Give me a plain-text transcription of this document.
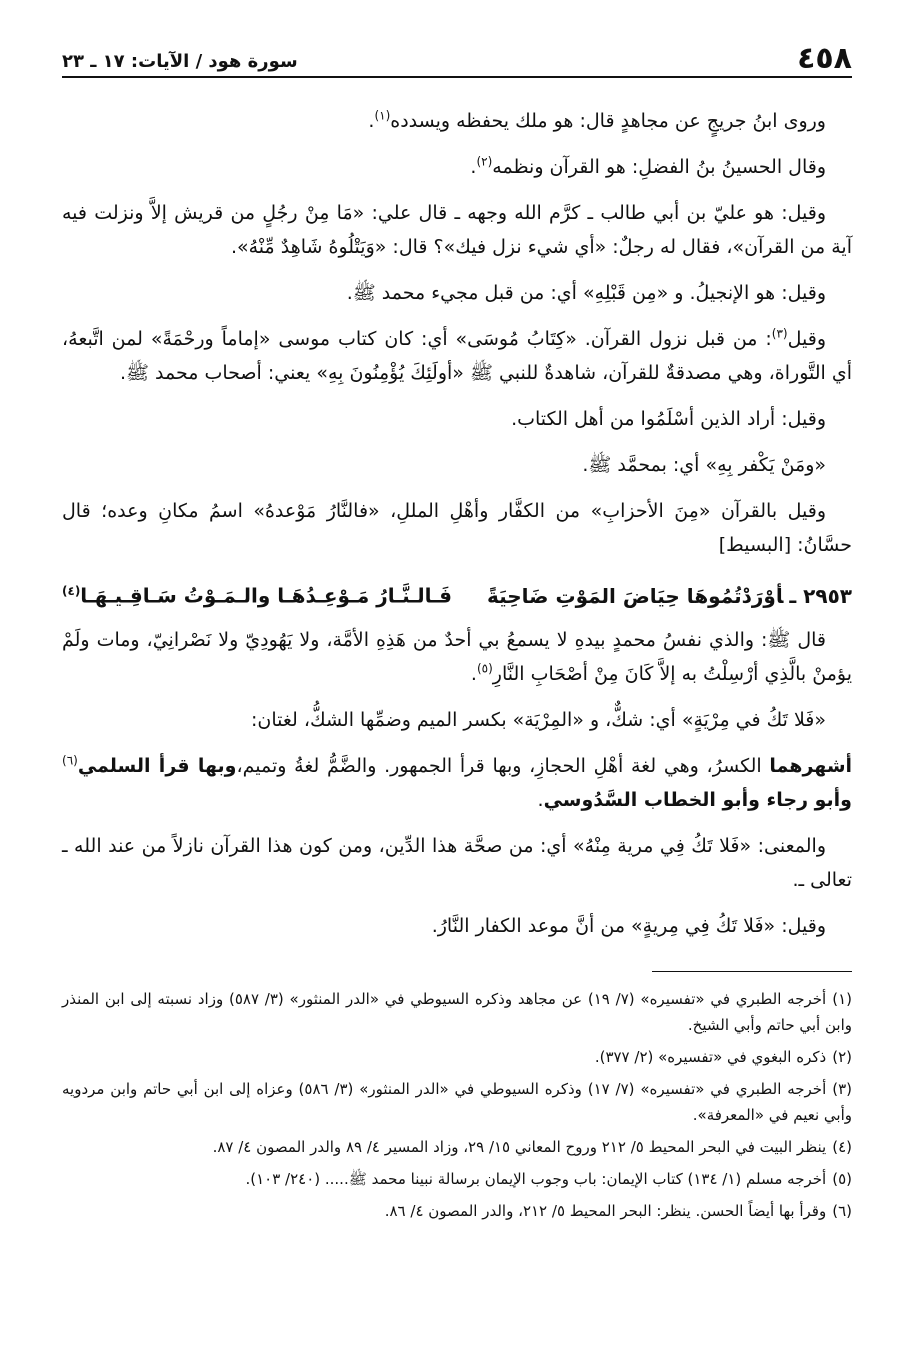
٤٥٨
سورة هود / الآيات: ١٧ ـ ٢٣

وروى ابنُ جريجٍ عن مجاهدٍ قال: هو ملك يحفظه ويسدده$^{(١)}$.

وقال الحسينُ بنُ الفضلِ: هو القرآن ونظمه$^{(٢)}$.

وقيل: هو عليّ بن أبي طالب ـ كرَّم الله وجهه ـ قال علي: «مَا مِنْ رجُلٍ من قريش إلاَّ ونزلت فيه آية من القرآن»، فقال له رجلٌ: «أي شيء نزل فيك»؟ قال: «وَيَتْلُوهُ شَاهِدٌ مِّنْهُ».

وقيل: هو الإنجيلُ. و «مِن قَبْلِهِ» أي: من قبل مجيء محمد ﷺ.

وقيل$^{(٣)}$: من قبل نزول القرآن. «كِتَابُ مُوسَى» أي: كان كتاب موسى «إماماً ورحْمَةً» لمن اتَّبعهُ، أي التَّوراة، وهي مصدقةٌ للقرآن، شاهدةٌ للنبي ﷺ «أولَئِكَ يُؤْمِنُونَ بِهِ» يعني: أصحاب محمد ﷺ.

وقيل: أراد الذين أسْلَمُوا من أهل الكتاب.

«ومَنْ يَكْفر بِهِ» أي: بمحمَّد ﷺ.

وقيل بالقرآن «مِنَ الأحزابِ» من الكفَّار وأهْلِ المللِ، «فالنَّارُ مَوْعدهُ» اسمُ مكانِ وعده؛ قال حسَّانُ: [البسيط]

٢٩٥٣ ـأوْرَدْتُمُوهَا حِيَاضَ المَوْتِ ضَاحِيَةً
فَـالـنَّـارُ مَـوْعِـدُهَـا والـمَـوْتُ سَـاقِـيـهَـا$^{(٤)}$

قال ﷺ: والذي نفسُ محمدٍ بيدهِ لا يسمعُ بي أحدٌ من هَذِهِ الأمَّة، ولا يَهُودِيّ ولا نَصْرانِيّ، ومات ولَمْ يؤمنْ بالَّذِي أرْسِلْتُ به إلاَّ كَانَ مِنْ أصْحَابِ النَّارِ$^{(٥)}$.

«فَلا تَكُ في مِرْيَةٍ» أي: شكٌّ، و «المِرْيَة» بكسر الميم وضمِّها الشكُّ، لغتان:

أشهرهما الكسرُ، وهي لغة أهْلِ الحجازِ، وبها قرأ الجمهور. والضَّمُّ لغةُ وتميم،وبها قرأ السلمي$^{(٦)}$ وأبو رجاء وأبو الخطاب السَّدُوسي.

والمعنى: «فَلا تَكُ فِي مرية مِنْهُ» أي: من صحَّة هذا الدِّين، ومن كون هذا القرآن نازلاً من عند الله ـ تعالى ـ.

وقيل: «فَلا تَكُ فِي مِريةٍ» من أنَّ موعد الكفار النَّارُ.

(١)أخرجه الطبري في «تفسيره» (٧/ ١٩) عن مجاهد وذكره السيوطي في «الدر المنثور» (٣/ ٥٨٧) وزاد نسبته إلى ابن المنذر وابن أبي حاتم وأبي الشيخ.

(٢)ذكره البغوي في «تفسيره» (٢/ ٣٧٧).

(٣)أخرجه الطبري في «تفسيره» (٧/ ١٧) وذكره السيوطي في «الدر المنثور» (٣/ ٥٨٦) وعزاه إلى ابن أبي حاتم وابن مردويه وأبي نعيم في «المعرفة».

(٤)ينظر البيت في البحر المحيط ٥/ ٢١٢ وروح المعاني ١٥/ ٢٩، وزاد المسير ٤/ ٨٩ والدر المصون ٤/ ٨٧.

(٥)أخرجه مسلم (١/ ١٣٤) كتاب الإيمان: باب وجوب الإيمان برسالة نبينا محمد ﷺ..... (٢٤٠/ ١٠٣).

(٦)وقرأ بها أيضاً الحسن. ينظر: البحر المحيط ٥/ ٢١٢، والدر المصون ٤/ ٨٦.
